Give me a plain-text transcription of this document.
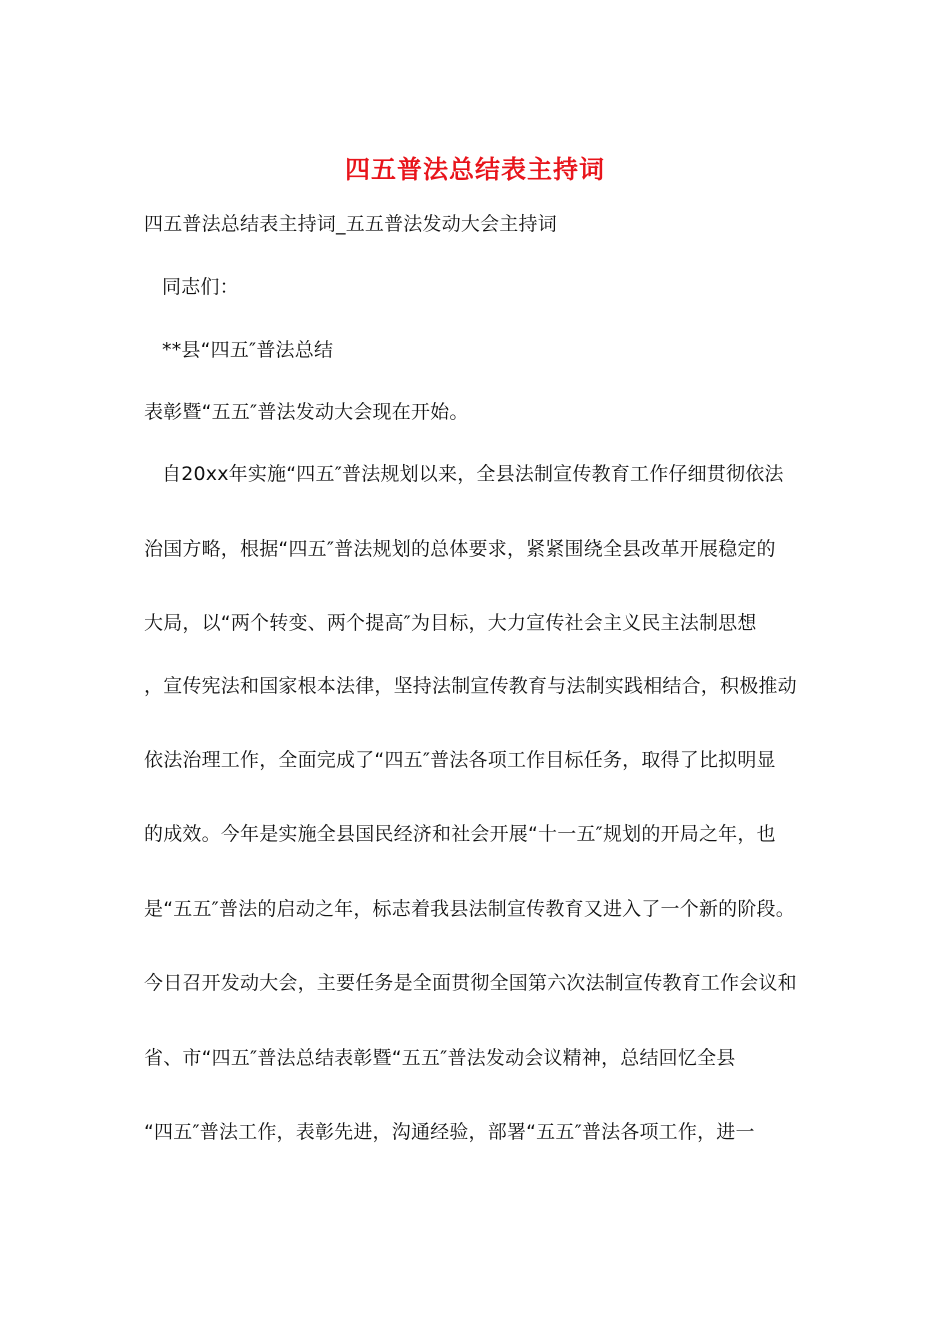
四五普法总结表主持词
四五普法总结表主持词_五五普法发动大会主持词
同志们：
**县“四五″普法总结
表彰暨“五五″普法发动大会现在开始。
自20xx年实施“四五″普法规划以来，全县法制宣传教育工作仔细贯彻依法
治国方略，根据“四五″普法规划的总体要求，紧紧围绕全县改革开展稳定的
大局，以“两个转变、两个提高″为目标，大力宣传社会主义民主法制思想
，宣传宪法和国家根本法律，坚持法制宣传教育与法制实践相结合，积极推动
依法治理工作，全面完成了“四五″普法各项工作目标任务，取得了比拟明显
的成效。今年是实施全县国民经济和社会开展“十一五″规划的开局之年，也
是“五五″普法的启动之年，标志着我县法制宣传教育又进入了一个新的阶段。
今日召开发动大会，主要任务是全面贯彻全国第六次法制宣传教育工作会议和
省、市“四五″普法总结表彰暨“五五″普法发动会议精神，总结回忆全县
“四五″普法工作，表彰先进，沟通经验，部署“五五″普法各项工作，进一
